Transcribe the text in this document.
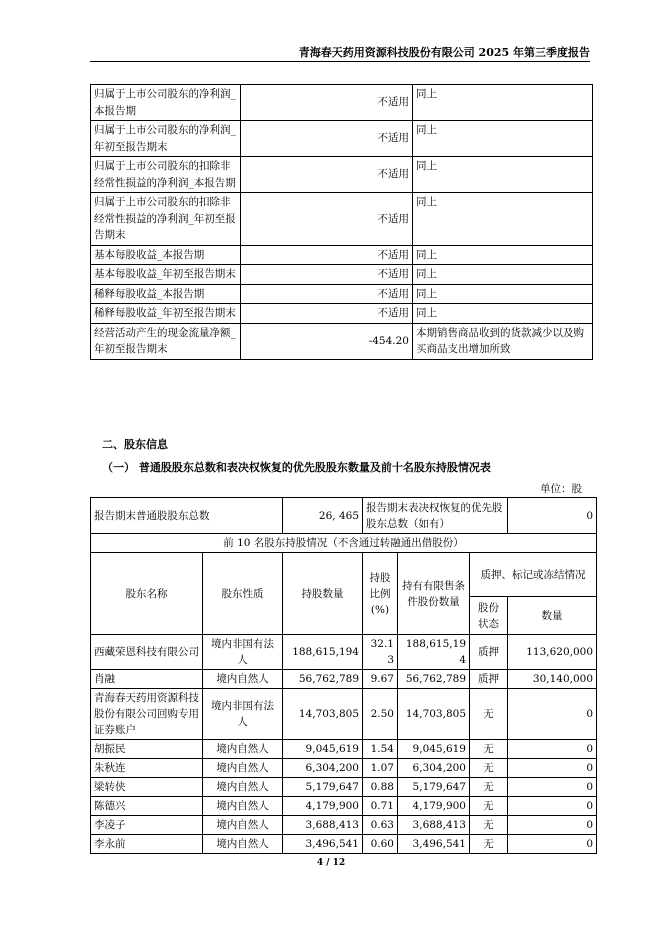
青海春天药用资源科技股份有限公司 2025 年第三季度报告
归属于上市公司股东的净利润_本报告期	不适用	同上
归属于上市公司股东的净利润_年初至报告期末	不适用	同上
归属于上市公司股东的扣除非经常性损益的净利润_本报告期	不适用	同上
归属于上市公司股东的扣除非经常性损益的净利润_年初至报告期末	不适用	同上
基本每股收益_本报告期	不适用	同上
基本每股收益_年初至报告期末	不适用	同上
稀释每股收益_本报告期	不适用	同上
稀释每股收益_年初至报告期末	不适用	同上
经营活动产生的现金流量净额_年初至报告期末	-454.20	本期销售商品收到的货款减少以及购买商品支出增加所致
二、股东信息
（一） 普通股股东总数和表决权恢复的优先股股东数量及前十名股东持股情况表
单位：股
报告期末普通股股东总数		26, 465	报告期末表决权恢复的优先股股东总数（如有）			0
前 10 名股东持股情况（不含通过转融通出借股份）						
股东名称	股东性质	持股数量	持股比例(%)	持有有限售条件股份数量	质押、标记或冻结情况	
					股份状态	数量
西藏荣恩科技有限公司	境内非国有法人	188,615,194	32.13	188,615,194	质押	113,620,000
肖融	境内自然人	56,762,789	9.67	56,762,789	质押	30,140,000
青海春天药用资源科技股份有限公司回购专用证券账户	境内非国有法人	14,703,805	2.50	14,703,805	无	0
胡振民	境内自然人	9,045,619	1.54	9,045,619	无	0
朱秋连	境内自然人	6,304,200	1.07	6,304,200	无	0
梁转侠	境内自然人	5,179,647	0.88	5,179,647	无	0
陈德兴	境内自然人	4,179,900	0.71	4,179,900	无	0
李凌子	境内自然人	3,688,413	0.63	3,688,413	无	0
李永前	境内自然人	3,496,541	0.60	3,496,541	无	0
4 / 12
